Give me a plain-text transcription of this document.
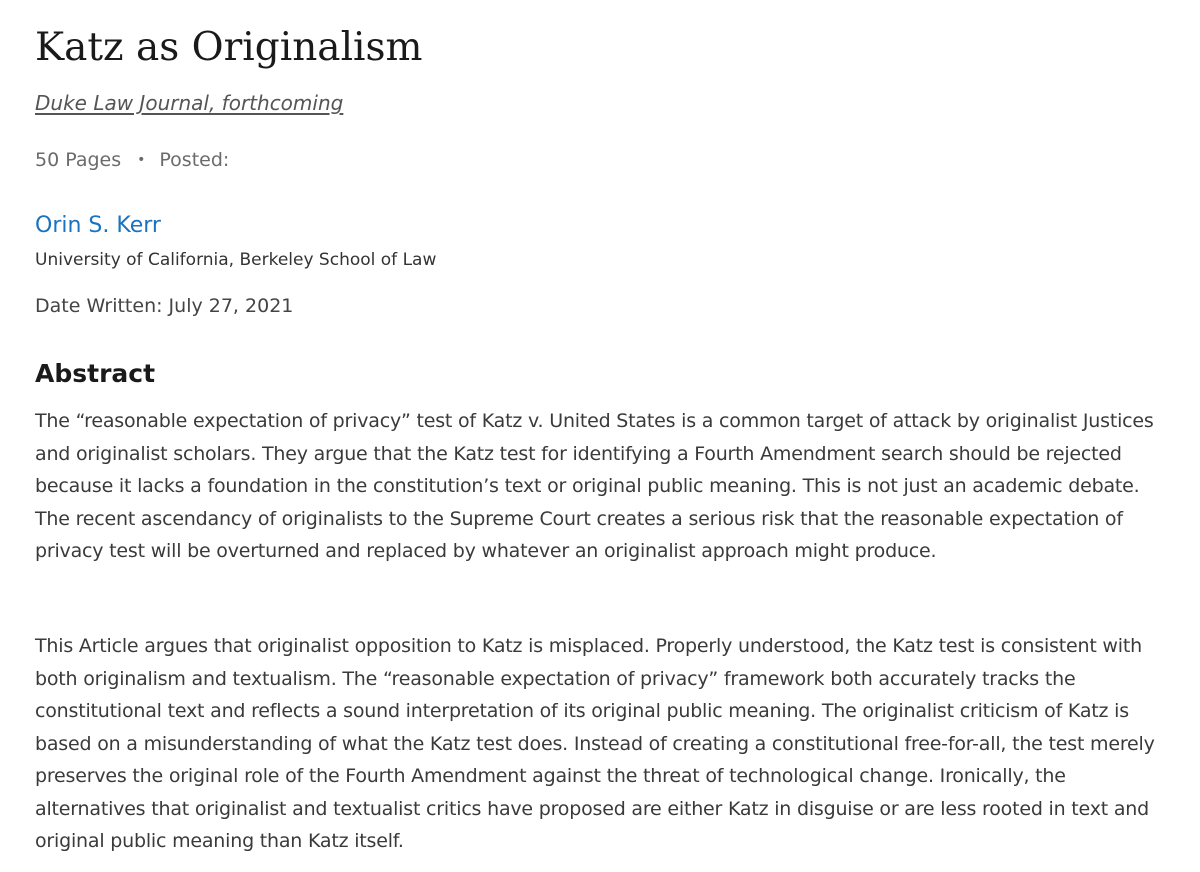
Katz as Originalism
Duke Law Journal, forthcoming
50 Pages • Posted:
Orin S. Kerr
University of California, Berkeley School of Law
Date Written: July 27, 2021
Abstract

The “reasonable expectation of privacy” test of Katz v. United States is a common target of attack by originalist Justices and originalist scholars. They argue that the Katz test for identifying a Fourth Amendment search should be rejected because it lacks a foundation in the constitution’s text or original public meaning. This is not just an academic debate. The recent ascendancy of originalists to the Supreme Court creates a serious risk that the reasonable expectation of privacy test will be overturned and replaced by whatever an originalist approach might produce.

This Article argues that originalist opposition to Katz is misplaced. Properly understood, the Katz test is consistent with both originalism and textualism. The “reasonable expectation of privacy” framework both accurately tracks the constitutional text and reflects a sound interpretation of its original public meaning. The originalist criticism of Katz is based on a misunderstanding of what the Katz test does. Instead of creating a constitutional free-for-all, the test merely preserves the original role of the Fourth Amendment against the threat of technological change. Ironically, the alternatives that originalist and textualist critics have proposed are either Katz in disguise or are less rooted in text and original public meaning than Katz itself.
